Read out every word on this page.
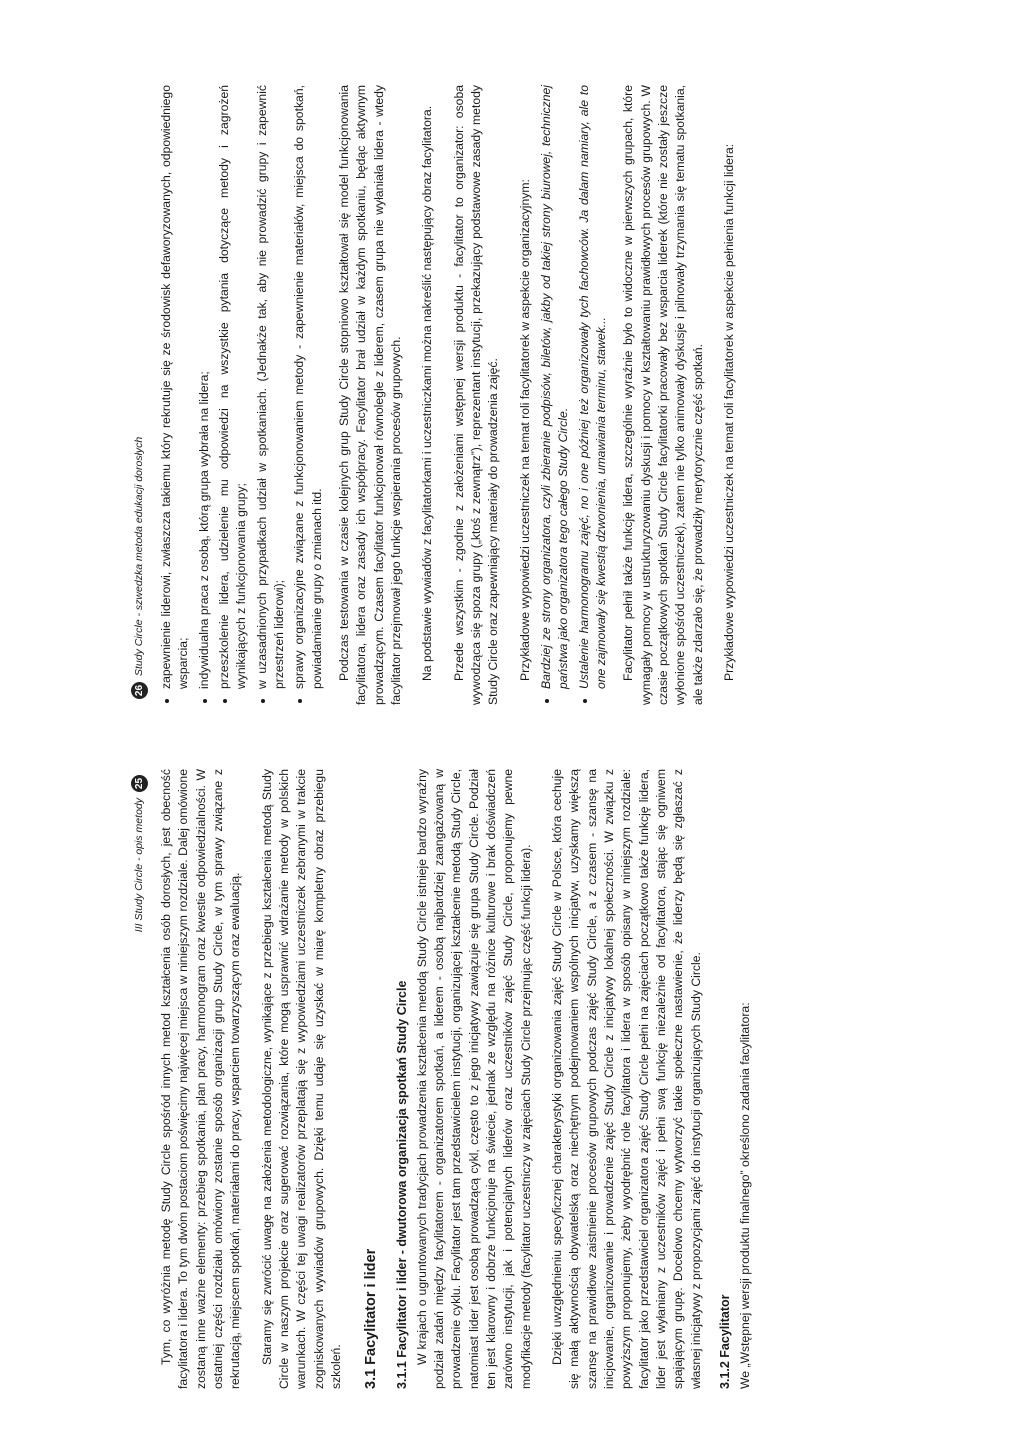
III Study Circle - opis metody
25 Tym, co wyróżnia metodę Study Circle spośród innych metod kształcenia osób dorosłych, jest obecność facylitatora i lidera. To tym dwóm postaciom poświęcimy najwięcej miejsca w niniejszym rozdziale. Dalej omówione zostaną inne ważne elementy: przebieg spotkania, plan pracy, harmonogram oraz kwestie odpowiedzialności. W ostatniej części rozdziału omówiony zostanie sposób organizacji grup Study Circle, w tym sprawy związane z rekrutacją, miejscem spotkań, materiałami do pracy, wsparciem towarzyszącym oraz ewaluacją. Staramy się zwrócić uwagę na założenia metodologiczne, wynikające z przebiegu kształcenia metodą Study Circle w naszym projekcie oraz sugerować rozwiązania, które mogą usprawnić wdrażanie metody w polskich warunkach. W części tej uwagi realizatorów przeplatają się z wypowiedziami uczestniczek zebranymi w trakcie zogniskowanych wywiadów grupowych. Dzięki temu udaje się uzyskać w miarę kompletny obraz przebiegu szkoleń. 3.1 Facylitator i lider 3.1.1 Facylitator i lider - dwutorowa organizacja spotkań Study Circle W krajach o ugruntowanych tradycjach prowadzenia kształcenia metodą Study Circle istnieje bardzo wyraźny podział zadań między facylitatorem - organizatorem spotkań, a liderem - osobą najbardziej zaangażowaną w prowadzenie cyklu. Facylitator jest tam przedstawicielem instytucji, organizującej kształcenie metodą Study Circle, natomiast lider jest osobą prowadzącą cykl, często to z jego inicjatywy zawiązuje się grupa Study Circle. Podział ten jest klarowny i dobrze funkcjonuje na świecie, jednak ze względu na różnice kulturowe i brak doświadczeń zarówno instytucji, jak i potencjalnych liderów oraz uczestników zajęć Study Circle, proponujemy pewne modyfikacje metody (facylitator uczestniczy w zajęciach Study Circle przejmując część funkcji lidera). Dzięki uwzględnieniu specyficznej charakterystyki organizowania zajęć Study Circle w Polsce, która cechuje się małą aktywnością obywatelską oraz niechętnym podejmowaniem wspólnych inicjatyw, uzyskamy większą szansę na prawidłowe zaistnienie procesów grupowych podczas zajęć Study Circle, a z czasem - szansę na inicjowanie, organizowanie i prowadzenie zajęć Study Circle z inicjatywy lokalnej społeczności. W związku z powyższym proponujemy, żeby wyodrębnić role facylitatora i lidera w sposób opisany w niniejszym rozdziale: facylitator jako przedstawiciel organizatora zajęć Study Circle pełni na zajęciach początkowo także funkcję lidera, lider jest wyłaniany z uczestników zajęć i pełni swą funkcję niezależnie od facylitatora, stając się ogniwem spajającym grupę. Docelowo chcemy wytworzyć takie społeczne nastawienie, że liderzy będą się zgłaszać z własnej inicjatywy z propozycjami zajęć do instytucji organizujących Study Circle. 3.1.2 Facylitator We „Wstępnej wersji produktu finalnego” określono zadania facylitatora:

26
Study Circle - szwedzka metoda edukacji dorosłych • zapewnienie liderowi, zwłaszcza takiemu który rekrutuje się ze środowisk defaworyzowanych, odpowiedniego wsparcia; • indywidualna praca z osobą, którą grupa wybrała na lidera; • przeszkolenie lidera, udzielenie mu odpowiedzi na wszystkie pytania dotyczące metody i zagrożeń wynikających z funkcjonowania grupy; • w uzasadnionych przypadkach udział w spotkaniach. (Jednakże tak, aby nie prowadzić grupy i zapewnić przestrzeń liderowi); • sprawy organizacyjne związane z funkcjonowaniem metody - zapewnienie materiałów, miejsca do spotkań, powiadamianie grupy o zmianach itd. Podczas testowania w czasie kolejnych grup Study Circle stopniowo kształtował się model funkcjonowania facylitatora, lidera oraz zasady ich współpracy. Facylitator brał udział w każdym spotkaniu, będąc aktywnym prowadzącym. Czasem facylitator funkcjonował równolegle z liderem, czasem grupa nie wyłaniała lidera - wtedy facylitator przejmował jego funkcje wspierania procesów grupowych. Na podstawie wywiadów z facylitatorkami i uczestniczkami można nakreślić następujący obraz facylitatora. Przede wszystkim - zgodnie z założeniami wstępnej wersji produktu - facylitator to organizator: osoba wywodząca się spoza grupy („ktoś z zewnątrz”), reprezentant instytucji, przekazujący podstawowe zasady metody Study Circle oraz zapewniający materiały do prowadzenia zajęć. Przykładowe wypowiedzi uczestniczek na temat roli facylitatorek w aspekcie organizacyjnym: • Bardziej ze strony organizatora, czyli zbieranie podpisów, biletów, jakby od takiej strony biurowej, technicznej państwa jako organizatora tego całego Study Circle. • Ustalenie harmonogramu zajęć, no i one później też organizowały tych fachowców. Ja dalam namiary, ale to one zajmowały się kwestią dzwonienia, umawiania terminu, stawek... Facylitator pełnił także funkcję lidera, szczególnie wyraźnie było to widoczne w pierwszych grupach, które wymagały pomocy w ustrukturyzowaniu dyskusji i pomocy w kształtowaniu prawidłowych procesów grupowych. W czasie początkowych spotkań Study Circle facylitatorki pracowały bez wsparcia liderek (które nie zostały jeszcze wyłonione spośród uczestniczek), zatem nie tylko animowały dyskusje i pilnowały trzymania się tematu spotkania, ale także zdarzało się, że prowadziły merytorycznie część spotkań. Przykładowe wypowiedzi uczestniczek na temat roli facylitatorek w aspekcie pełnienia funkcji lidera:
